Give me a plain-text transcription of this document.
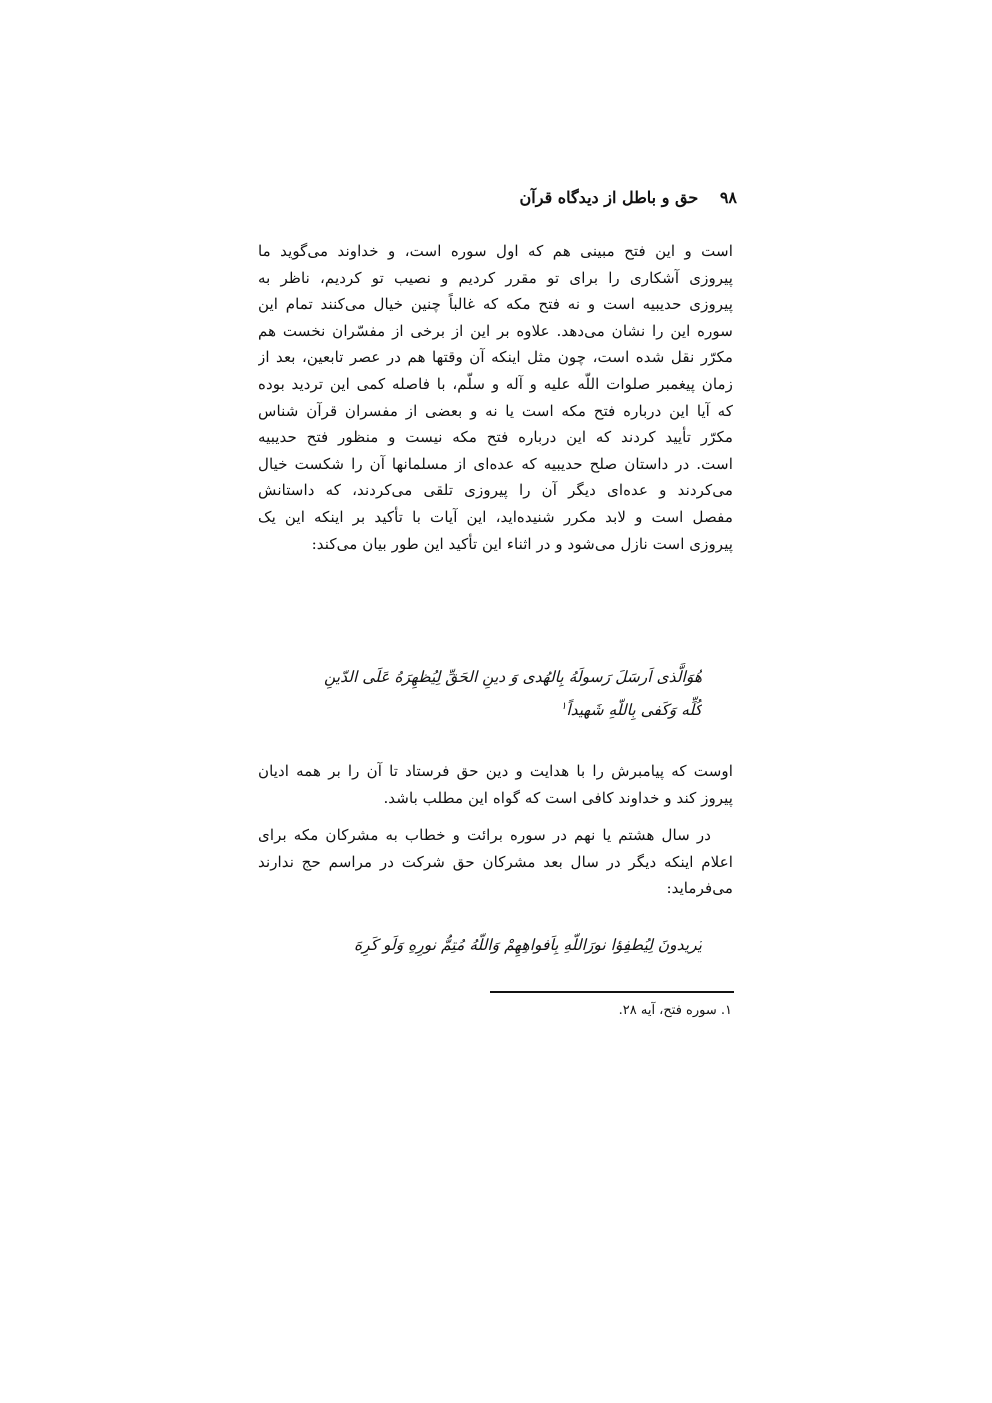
۹۸ حق و باطل از دیدگاه قرآن
است و این فتح مبینی هم که اول سوره است، و خداوند می‌گوید ما
پیروزی آشکاری را برای تو مقرر کردیم و نصیب تو کردیم، ناظر به
پیروزی حدیبیه است و نه فتح مکه که غالباً چنین خیال می‌کنند تمام این
سوره این را نشان می‌دهد. علاوه بر این از برخی از مفسّران نخست هم
مکرّر نقل شده است، چون مثل اینکه آن وقتها هم در عصر تابعین، بعد از
زمان پیغمبر صلوات اللّه علیه و آله و سلّم، با فاصله کمی این تردید بوده
که آیا این درباره فتح مکه است یا نه و بعضی از مفسران قرآن شناس
مکرّر تأیید کردند که این درباره فتح مکه نیست و منظور فتح حدیبیه
است. در داستان صلح حدیبیه که عده‌ای از مسلمانها آن را شکست خیال
می‌کردند و عده‌ای دیگر آن را پیروزی تلقی می‌کردند، که داستانش
مفصل است و لابد مکرر شنیده‌اید، این آیات با تأکید بر اینکه این یک
پیروزی است نازل می‌شود و در اثناء این تأکید این طور بیان می‌کند:
هُوَالَّذی اَرسَلَ رَسولَهُ بِالهُدی وَ دینِ الحَقِّ لِیُظهِرَهُ عَلَی الدّینِ
کُلِّه وَکَفی بِاللّهِ شَهیداً$^۱$
اوست که پیامبرش را با هدایت و دین حق فرستاد تا آن را بر همه ادیان
پیروز کند و خداوند کافی است که گواه این مطلب باشد.
در سال هشتم یا نهم در سوره برائت و خطاب به مشرکان مکه برای
اعلام اینکه دیگر در سال بعد مشرکان حق شرکت در مراسم حج ندارند
می‌فرماید:
یُریدونَ لِیُطفِؤا نورَاللّهِ بِاَفواهِهِمْ وَاللّهُ مُتِمُّ نورِهِ وَلَو کَرِهَ
۱. سوره فتح، آیه ۲۸.
